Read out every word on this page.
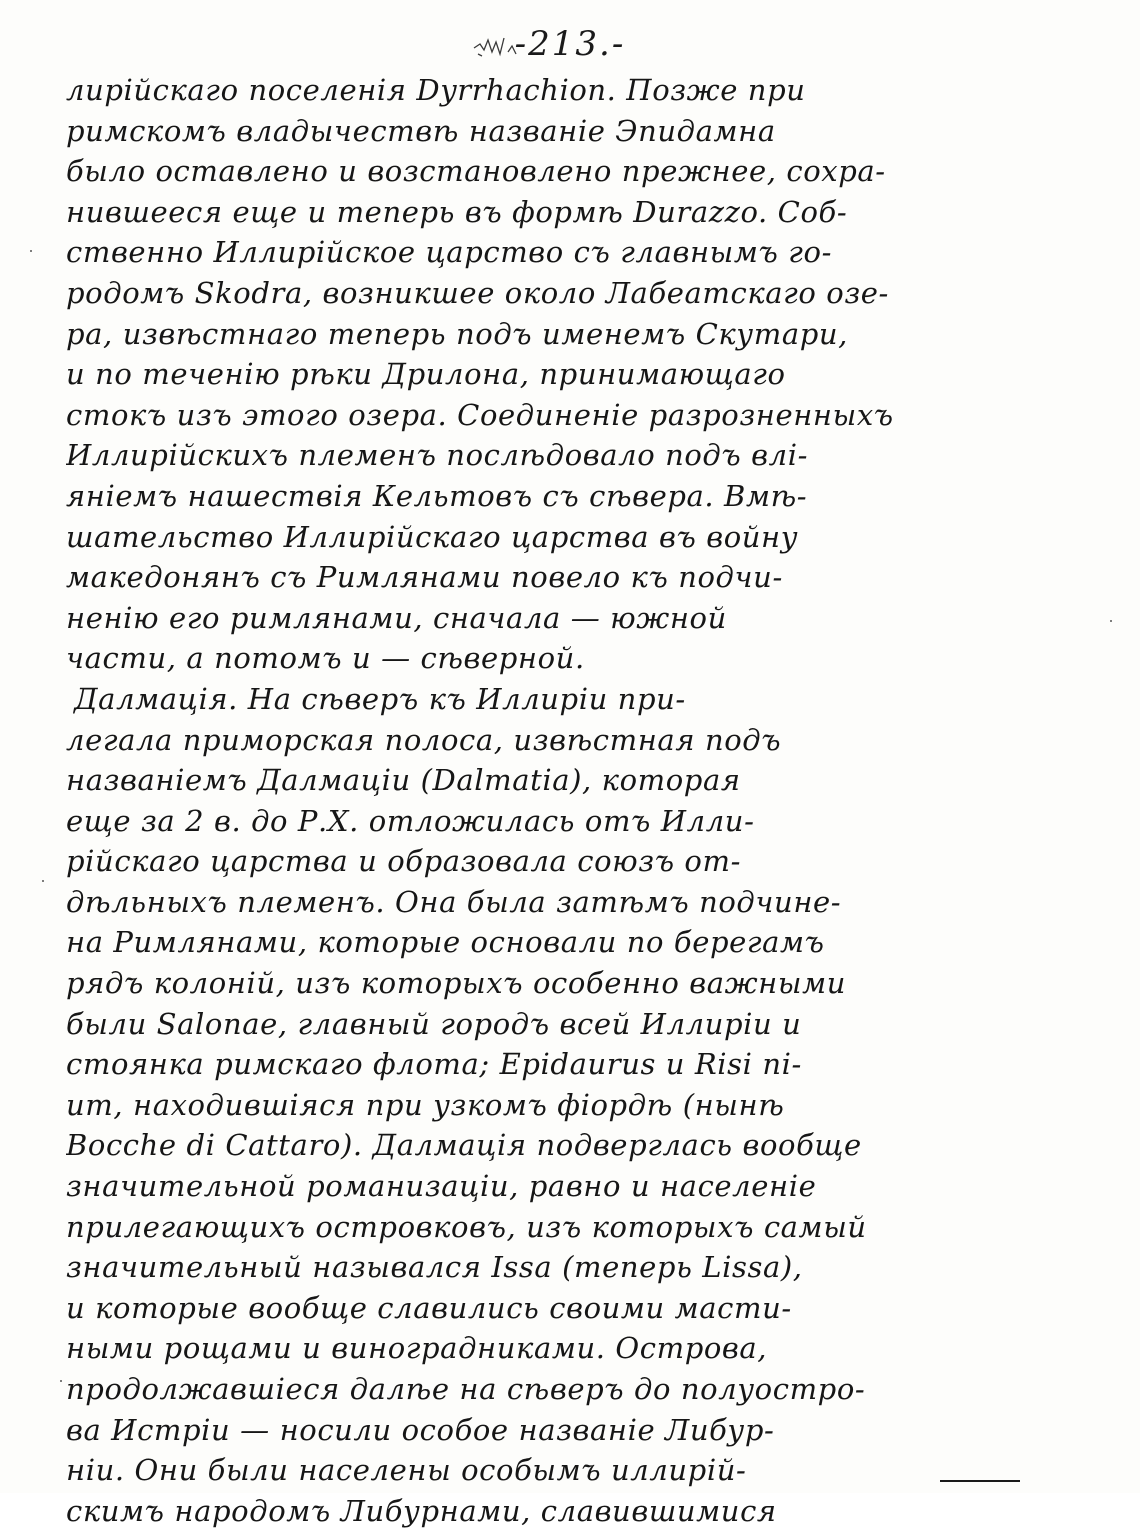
-213.-
лирiйскаго поселенiя Dyrrhachion. Позже при
римскомъ владычествѣ названiе Эпидамна
было оставлено и возстановлено прежнее, сохра-
нившееся еще и теперь въ формѣ Durazzo. Соб-
ственно Иллирiйское царство съ главнымъ го-
родомъ Skodra, возникшее около Лабеатскаго озе-
ра, извѣстнаго теперь подъ именемъ Скутари,
и по теченiю рѣки Дрилона, принимающаго
стокъ изъ этого озера. Соединенiе разрозненныхъ
Иллирiйскихъ племенъ послѣдовало подъ влi-
янiемъ нашествiя Кельтовъ съ сѣвера. Вмѣ-
шательство Иллирiйскаго царства въ войну
македонянъ съ Римлянами повело къ подчи-
ненiю его римлянами, сначала — южной
части, а потомъ и — сѣверной.
Далмацiя. На сѣверъ къ Иллирiи при-
легала приморская полоса, извѣстная подъ
названiемъ Далмацiи (Dalmatia), которая
еще за 2 в. до Р.Х. отложилась отъ Илли-
рiйскаго царства и образовала союзъ от-
дѣльныхъ племенъ. Она была затѣмъ подчине-
на Римлянами, которые основали по берегамъ
рядъ колонiй, изъ которыхъ особенно важными
были Salonae, главный городъ всей Иллирiи и
стоянка римскаго флота; Epidaurus и Risi ni-
um, находившiяся при узкомъ фiордѣ (нынѣ
Bocche di Cattaro). Далмацiя подверглась вообще
значительной романизацiи, равно и населенiе
прилегающихъ островковъ, изъ которыхъ самый
значительный назывался Issa (теперь Lissa),
и которые вообще славились своими масти-
ными рощами и виноградниками. Острова,
продолжавшiеся далѣе на сѣверъ до полуостро-
ва Истрiи — носили особое названiе Либур-
нiи. Они были населены особымъ иллирiй-
скимъ народомъ Либурнами, славившимися
